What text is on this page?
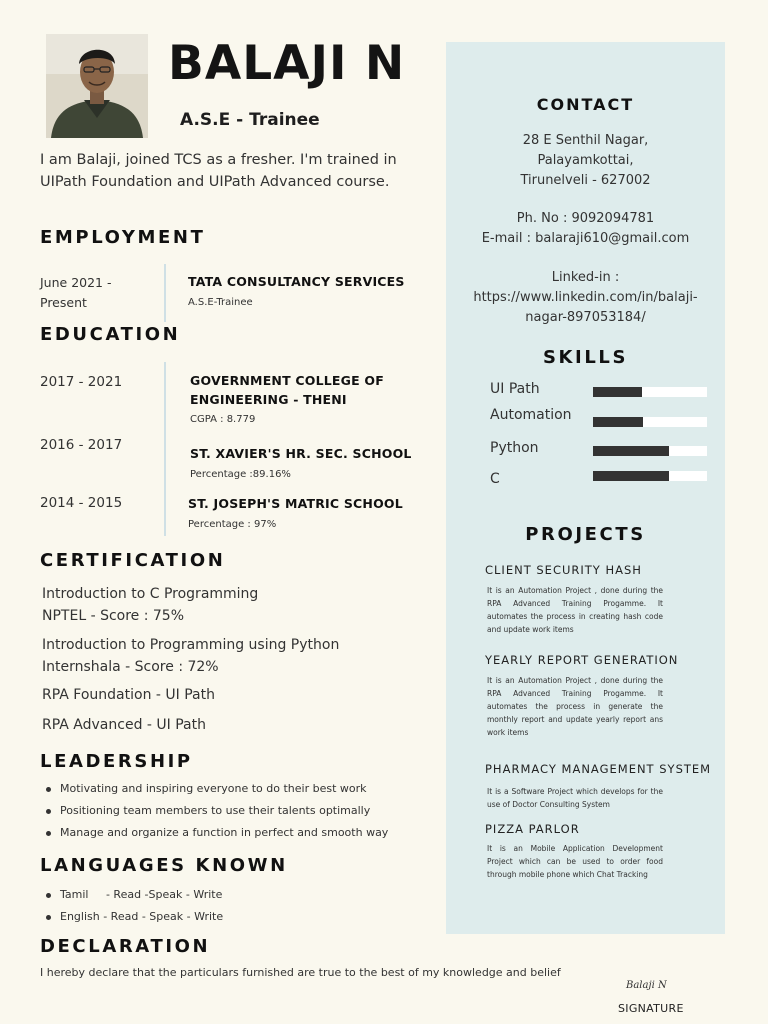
BALAJI N
A.S.E - Trainee
I am Balaji, joined TCS as a fresher. I'm trained in UIPath Foundation and UIPath Advanced course.
EMPLOYMENT
June 2021 -
Present
TATA CONSULTANCY SERVICES
A.S.E-Trainee
EDUCATION
2017 - 2021	GOVERNMENT COLLEGE OF
ENGINEERING - THENI
CGPA : 8.779
2016 - 2017
ST. XAVIER'S HR. SEC. SCHOOL
Percentage :89.16%
2014 - 2015	ST. JOSEPH'S MATRIC SCHOOL
Percentage : 97%
CERTIFICATION
Introduction to C Programming
NPTEL - Score : 75%
Introduction to Programming using Python
Internshala - Score : 72%
RPA Foundation - UI Path
RPA Advanced - UI Path
LEADERSHIP
Motivating and inspiring everyone to do their best work
Positioning team members to use their talents optimally
Manage and organize a function in perfect and smooth way
LANGUAGES KNOWN
Tamil     - Read -Speak - Write
English - Read - Speak - Write
DECLARATION
I hereby declare that the particulars furnished are true to the best of my knowledge and belief
Balaji N
SIGNATURE
CONTACT
28 E Senthil Nagar,
Palayamkottai,
Tirunelveli - 627002
Ph. No : 9092094781
E-mail : balaraji610@gmail.com
Linked-in :
https://www.linkedin.com/in/balaji-
nagar-897053184/
SKILLS
UI Path
Automation
Python
C
PROJECTS
CLIENT SECURITY HASH
It is an Automation Project , done during the RPA Advanced Training Progamme. It automates the process in creating hash code and update work items
YEARLY REPORT GENERATION
It is an Automation Project , done during the RPA Advanced Training Progamme. It automates the process in generate the monthly report and update yearly report ans work items
PHARMACY MANAGEMENT SYSTEM
It is a Software Project which develops for the use of Doctor Consulting System
PIZZA PARLOR
It is an Mobile Application Development Project which can be used to order food through mobile phone which Chat Tracking
